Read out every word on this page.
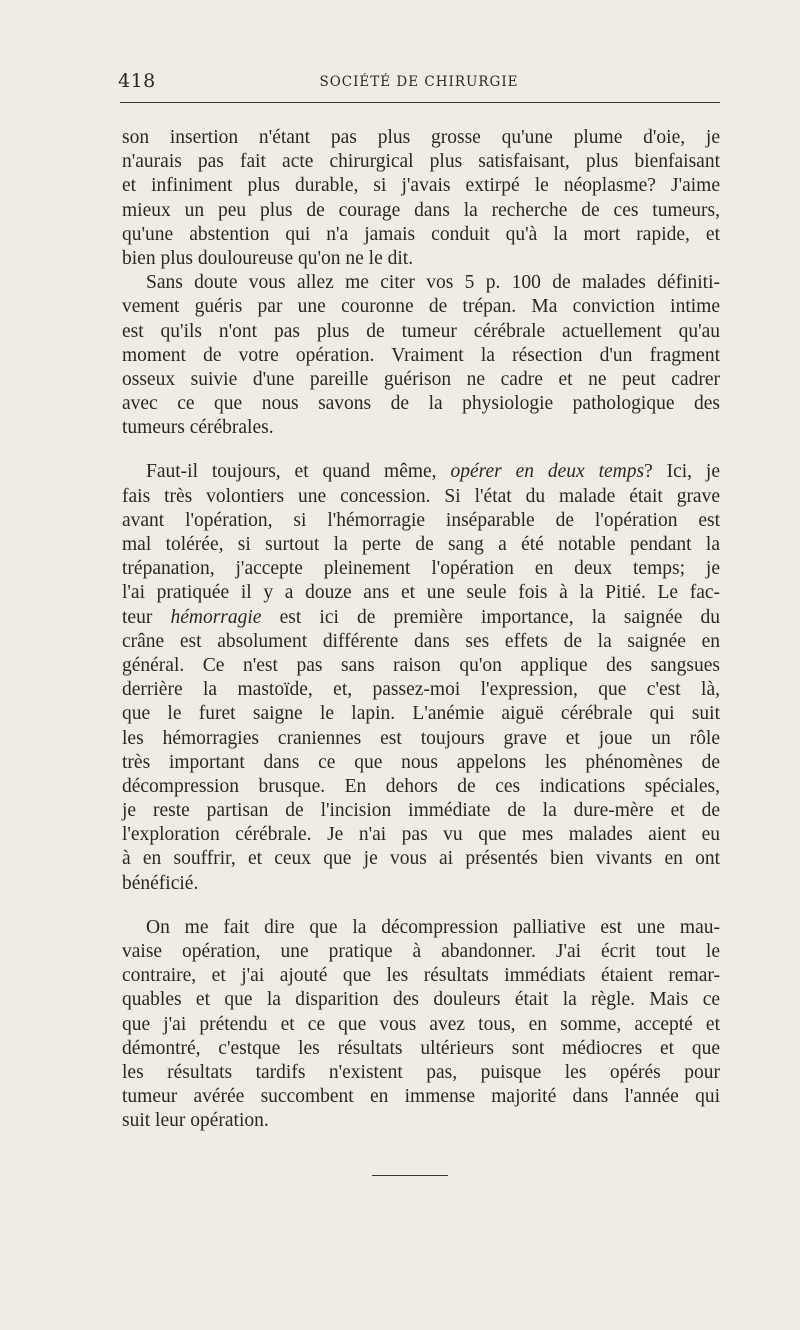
418	SOCIÉTÉ DE CHIRURGIE
son insertion n'étant pas plus grosse qu'une plume d'oie, je
n'aurais pas fait acte chirurgical plus satisfaisant, plus bienfaisant
et infiniment plus durable, si j'avais extirpé le néoplasme? J'aime
mieux un peu plus de courage dans la recherche de ces tumeurs,
qu'une abstention qui n'a jamais conduit qu'à la mort rapide, et
bien plus douloureuse qu'on ne le dit.
Sans doute vous allez me citer vos 5 p. 100 de malades définiti-
vement guéris par une couronne de trépan. Ma conviction intime
est qu'ils n'ont pas plus de tumeur cérébrale actuellement qu'au
moment de votre opération. Vraiment la résection d'un fragment
osseux suivie d'une pareille guérison ne cadre et ne peut cadrer
avec ce que nous savons de la physiologie pathologique des
tumeurs cérébrales.
Faut-il toujours, et quand même, opérer en deux temps? Ici, je
fais très volontiers une concession. Si l'état du malade était grave
avant l'opération, si l'hémorragie inséparable de l'opération est
mal tolérée, si surtout la perte de sang a été notable pendant la
trépanation, j'accepte pleinement l'opération en deux temps; je
l'ai pratiquée il y a douze ans et une seule fois à la Pitié. Le fac-
teur hémorragie est ici de première importance, la saignée du
crâne est absolument différente dans ses effets de la saignée en
général. Ce n'est pas sans raison qu'on applique des sangsues
derrière la mastoïde, et, passez-moi l'expression, que c'est là,
que le furet saigne le lapin. L'anémie aiguë cérébrale qui suit
les hémorragies craniennes est toujours grave et joue un rôle
très important dans ce que nous appelons les phénomènes de
décompression brusque. En dehors de ces indications spéciales,
je reste partisan de l'incision immédiate de la dure-mère et de
l'exploration cérébrale. Je n'ai pas vu que mes malades aient eu
à en souffrir, et ceux que je vous ai présentés bien vivants en ont
bénéficié.
On me fait dire que la décompression palliative est une mau-
vaise opération, une pratique à abandonner. J'ai écrit tout le
contraire, et j'ai ajouté que les résultats immédiats étaient remar-
quables et que la disparition des douleurs était la règle. Mais ce
que j'ai prétendu et ce que vous avez tous, en somme, accepté et
démontré, c'estque les résultats ultérieurs sont médiocres et que
les résultats tardifs n'existent pas, puisque les opérés pour
tumeur avérée succombent en immense majorité dans l'année qui
suit leur opération.
